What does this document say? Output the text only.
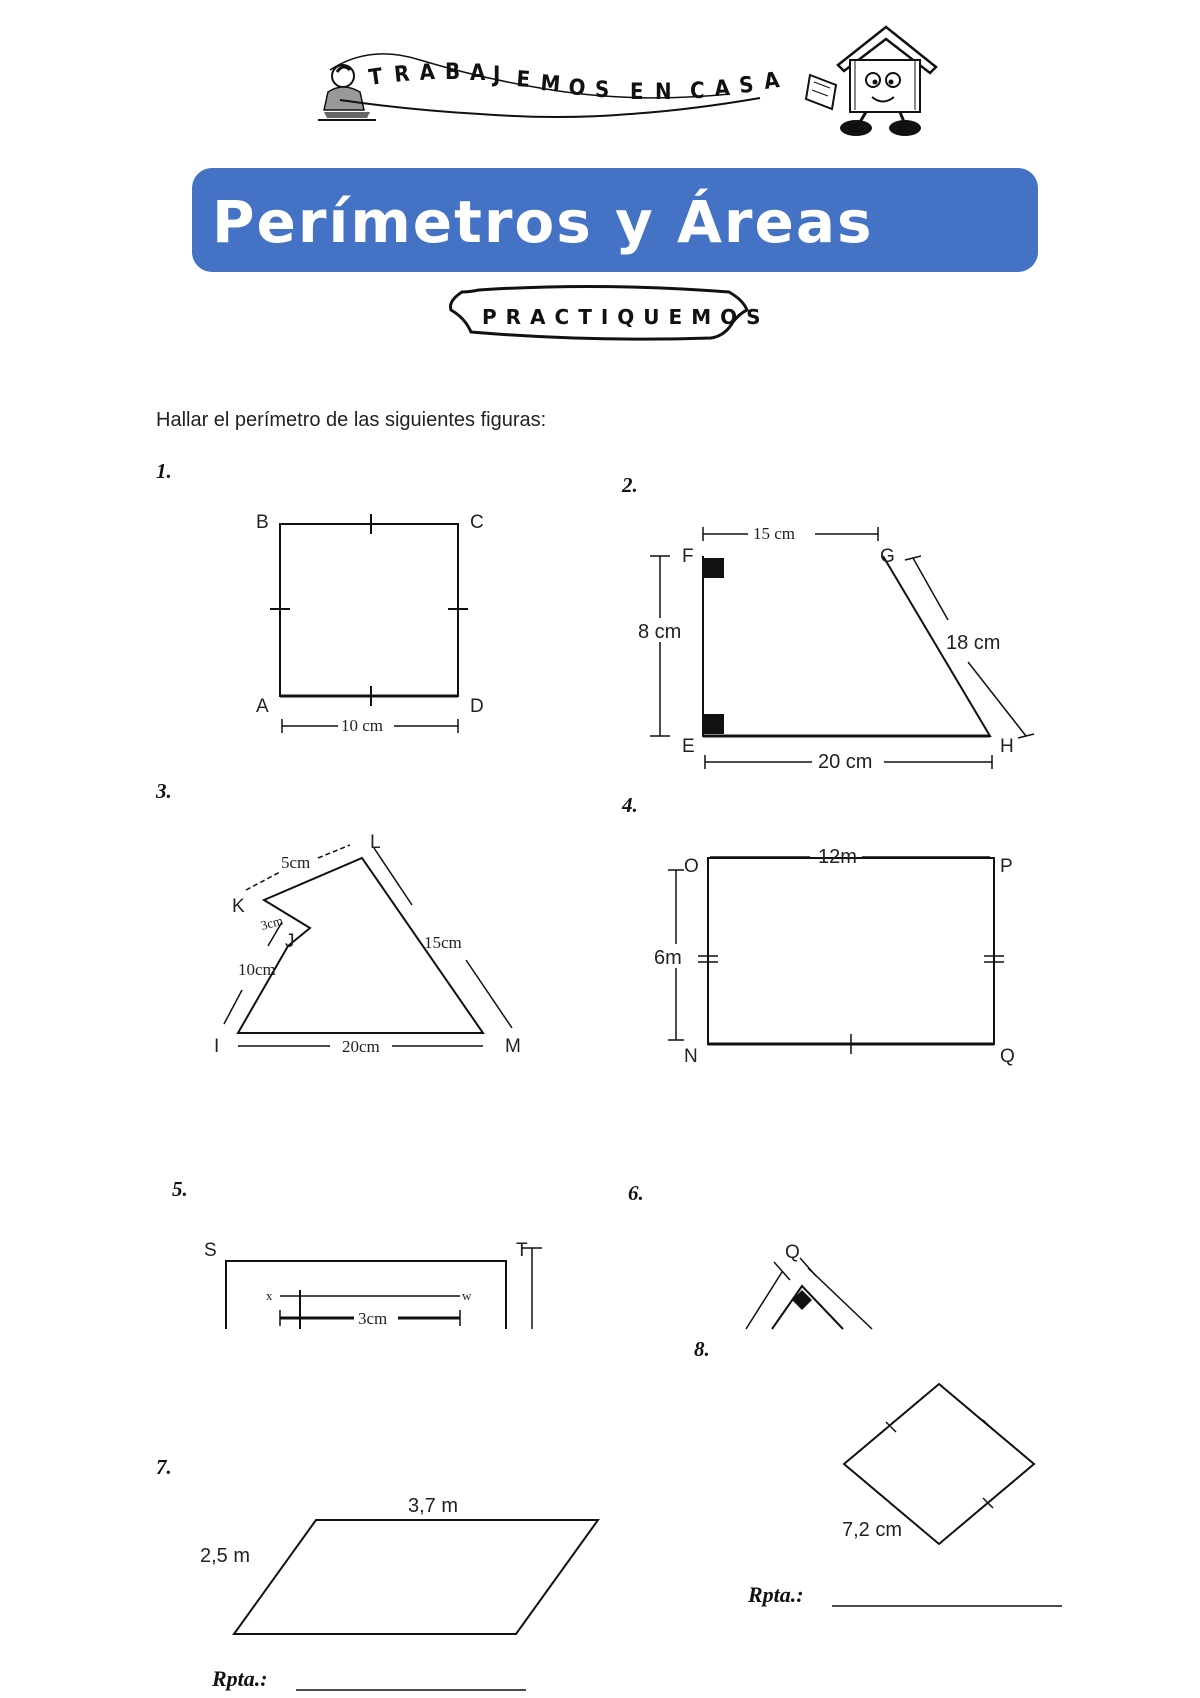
T R A B A J E M O S E N C A S A
Perímetros y Áreas
PRACTIQUEMOS
Hallar el perímetro de las siguientes figuras:
1.
B	C
A	D
10 cm
2.
15 cm
8 cm	18 cm
F	G
E	H
20 cm
3.
5cm
3cm
10cm
15cm
20cm
K
L
J
I	M
4.
12m
6m
O	P
N	Q
5.
3cm
S	T
x	w
6.
Q
8.
7,2 cm
Rpta.:
7.
3,7 m
2,5 m
Rpta.:
